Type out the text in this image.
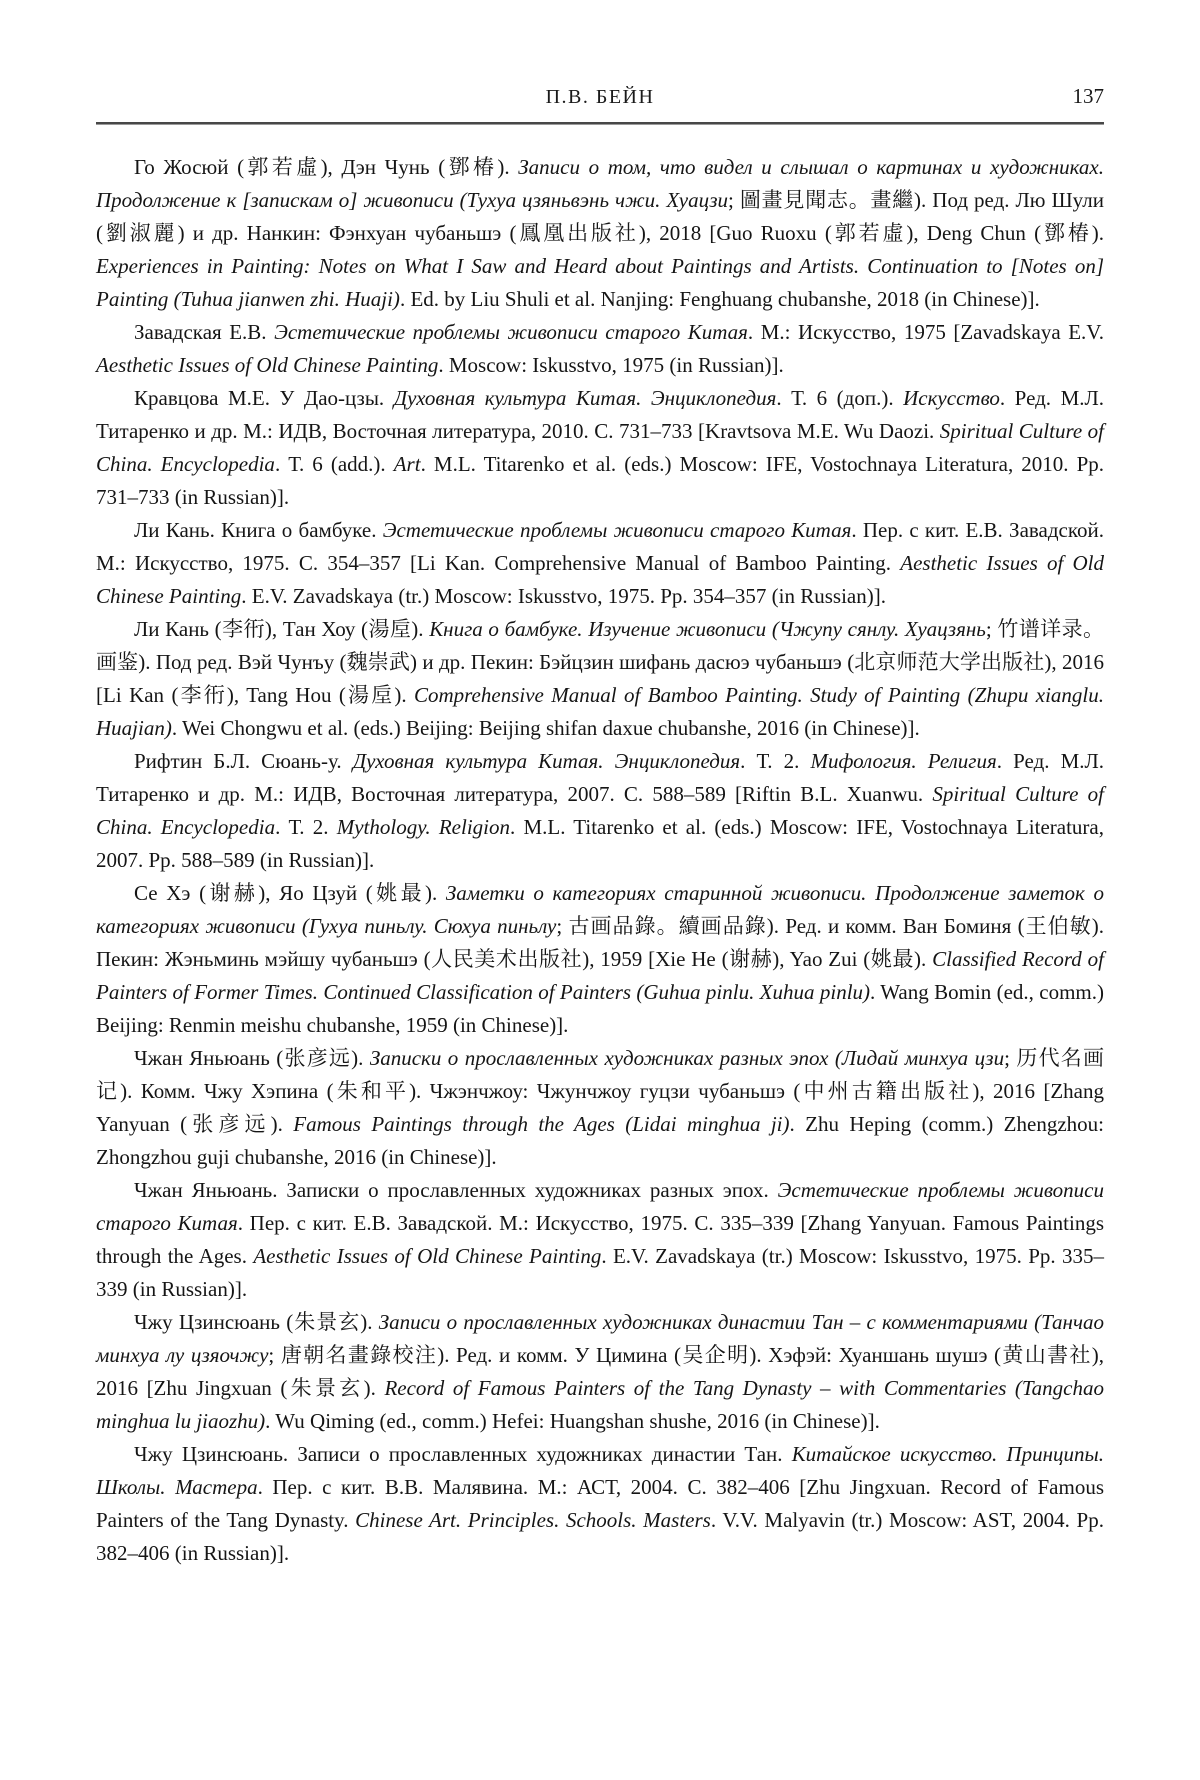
П.В. БЕЙН	137

Го Жосюй (郭若虛), Дэн Чунь (鄧椿). Записи о том, что видел и слышал о картинах и художниках. Продолжение к [запискам о] живописи (Тухуа цзяньвэнь чжи. Хуацзи; 圖畫見聞志。畫繼). Под ред. Лю Шули (劉淑麗) и др. Нанкин: Фэнхуан чубаньшэ (鳳凰出版社), 2018 [Guo Ruoxu (郭若虛), Deng Chun (鄧椿). Experiences in Painting: Notes on What I Saw and Heard about Paintings and Artists. Continuation to [Notes on] Painting (Tuhua jianwen zhi. Huaji). Ed. by Liu Shuli et al. Nanjing: Fenghuang chubanshe, 2018 (in Chinese)].

Завадская Е.В. Эстетические проблемы живописи старого Китая. М.: Искусство, 1975 [Zavadskaya E.V. Aesthetic Issues of Old Chinese Painting. Moscow: Iskusstvo, 1975 (in Russian)].

Кравцова М.Е. У Дао-цзы. Духовная культура Китая. Энциклопедия. Т. 6 (доп.). Искусство. Ред. М.Л. Титаренко и др. М.: ИДВ, Восточная литература, 2010. С. 731–733 [Kravtsova M.E. Wu Daozi. Spiritual Culture of China. Encyclopedia. Т. 6 (add.). Art. M.L. Titarenko et al. (eds.) Moscow: IFE, Vostochnaya Literatura, 2010. Pp. 731–733 (in Russian)].

Ли Кань. Книга о бамбуке. Эстетические проблемы живописи старого Китая. Пер. с кит. Е.В. Завадской. М.: Искусство, 1975. С. 354–357 [Li Kan. Comprehensive Manual of Bamboo Painting. Aesthetic Issues of Old Chinese Painting. E.V. Zavadskaya (tr.) Moscow: Iskusstvo, 1975. Pp. 354–357 (in Russian)].

Ли Кань (李衎), Тан Хоу (湯垕). Книга о бамбуке. Изучение живописи (Чжупу сянлу. Хуацзянь; 竹谱详录。画鉴). Под ред. Вэй Чунъу (魏崇武) и др. Пекин: Бэйцзин шифань дасюэ чубаньшэ (北京师范大学出版社), 2016 [Li Kan (李衎), Tang Hou (湯垕). Comprehensive Manual of Bamboo Painting. Study of Painting (Zhupu xianglu. Huajian). Wei Chongwu et al. (eds.) Beijing: Beijing shifan daxue chubanshe, 2016 (in Chinese)].

Рифтин Б.Л. Сюань-у. Духовная культура Китая. Энциклопедия. Т. 2. Мифология. Религия. Ред. М.Л. Титаренко и др. М.: ИДВ, Восточная литература, 2007. С. 588–589 [Riftin B.L. Xuanwu. Spiritual Culture of China. Encyclopedia. Т. 2. Mythology. Religion. M.L. Titarenko et al. (eds.) Moscow: IFE, Vostochnaya Literatura, 2007. Pp. 588–589 (in Russian)].

Се Хэ (谢赫), Яо Цзуй (姚最). Заметки о категориях старинной живописи. Продолжение заметок о категориях живописи (Гухуа пиньлу. Сюхуа пиньлу; 古画品錄。續画品錄). Ред. и комм. Ван Боминя (王伯敏). Пекин: Жэньминь мэйшу чубаньшэ (人民美术出版社), 1959 [Xie He (谢赫), Yao Zui (姚最). Classified Record of Painters of Former Times. Continued Classification of Painters (Guhua pinlu. Xuhua pinlu). Wang Bomin (ed., comm.) Beijing: Renmin meishu chubanshe, 1959 (in Chinese)].

Чжан Яньюань (张彦远). Записки о прославленных художниках разных эпох (Лидай минхуа цзи; 历代名画记). Комм. Чжу Хэпина (朱和平). Чжэнчжоу: Чжунчжоу гуцзи чубаньшэ (中州古籍出版社), 2016 [Zhang Yanyuan (张彦远). Famous Paintings through the Ages (Lidai minghua ji). Zhu Heping (comm.) Zhengzhou: Zhongzhou guji chubanshe, 2016 (in Chinese)].

Чжан Яньюань. Записки о прославленных художниках разных эпох. Эстетические проблемы живописи старого Китая. Пер. с кит. Е.В. Завадской. М.: Искусство, 1975. С. 335–339 [Zhang Yanyuan. Famous Paintings through the Ages. Aesthetic Issues of Old Chinese Painting. E.V. Zavadskaya (tr.) Moscow: Iskusstvo, 1975. Pp. 335–339 (in Russian)].

Чжу Цзинсюань (朱景玄). Записи о прославленных художниках династии Тан – с комментариями (Танчао минхуа лу цзяочжу; 唐朝名畫錄校注). Ред. и комм. У Цимина (吴企明). Хэфэй: Хуаншань шушэ (黄山書社), 2016 [Zhu Jingxuan (朱景玄). Record of Famous Painters of the Tang Dynasty – with Commentaries (Tangchao minghua lu jiaozhu). Wu Qiming (ed., comm.) Hefei: Huangshan shushe, 2016 (in Chinese)].

Чжу Цзинсюань. Записи о прославленных художниках династии Тан. Китайское искусство. Принципы. Школы. Мастера. Пер. с кит. В.В. Малявина. М.: АСТ, 2004. С. 382–406 [Zhu Jingxuan. Record of Famous Painters of the Tang Dynasty. Chinese Art. Principles. Schools. Masters. V.V. Malyavin (tr.) Moscow: AST, 2004. Pp. 382–406 (in Russian)].
